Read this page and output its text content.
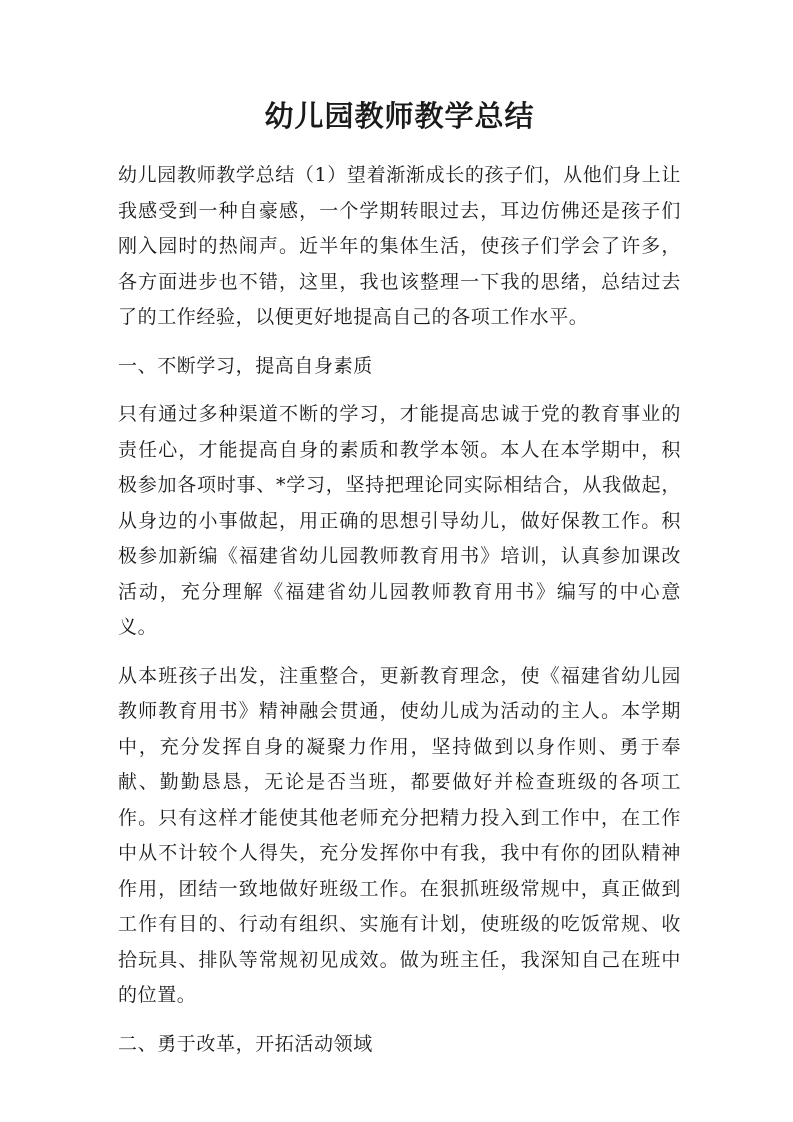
幼儿园教师教学总结

幼儿园教师教学总结（1）望着渐渐成长的孩子们，从他们身上让我感受到一种自豪感，一个学期转眼过去，耳边仿佛还是孩子们刚入园时的热闹声。近半年的集体生活，使孩子们学会了许多，各方面进步也不错，这里，我也该整理一下我的思绪，总结过去了的工作经验，以便更好地提高自己的各项工作水平。

一、不断学习，提高自身素质

只有通过多种渠道不断的学习，才能提高忠诚于党的教育事业的责任心，才能提高自身的素质和教学本领。本人在本学期中，积极参加各项时事、*学习，坚持把理论同实际相结合，从我做起，从身边的小事做起，用正确的思想引导幼儿，做好保教工作。积极参加新编《福建省幼儿园教师教育用书》培训，认真参加课改活动，充分理解《福建省幼儿园教师教育用书》编写的中心意义。

从本班孩子出发，注重整合，更新教育理念，使《福建省幼儿园教师教育用书》精神融会贯通，使幼儿成为活动的主人。本学期中，充分发挥自身的凝聚力作用，坚持做到以身作则、勇于奉献、勤勤恳恳，无论是否当班，都要做好并检查班级的各项工作。只有这样才能使其他老师充分把精力投入到工作中，在工作中从不计较个人得失，充分发挥你中有我，我中有你的团队精神作用，团结一致地做好班级工作。在狠抓班级常规中，真正做到工作有目的、行动有组织、实施有计划，使班级的吃饭常规、收拾玩具、排队等常规初见成效。做为班主任，我深知自己在班中的位置。

二、勇于改革，开拓活动领域
